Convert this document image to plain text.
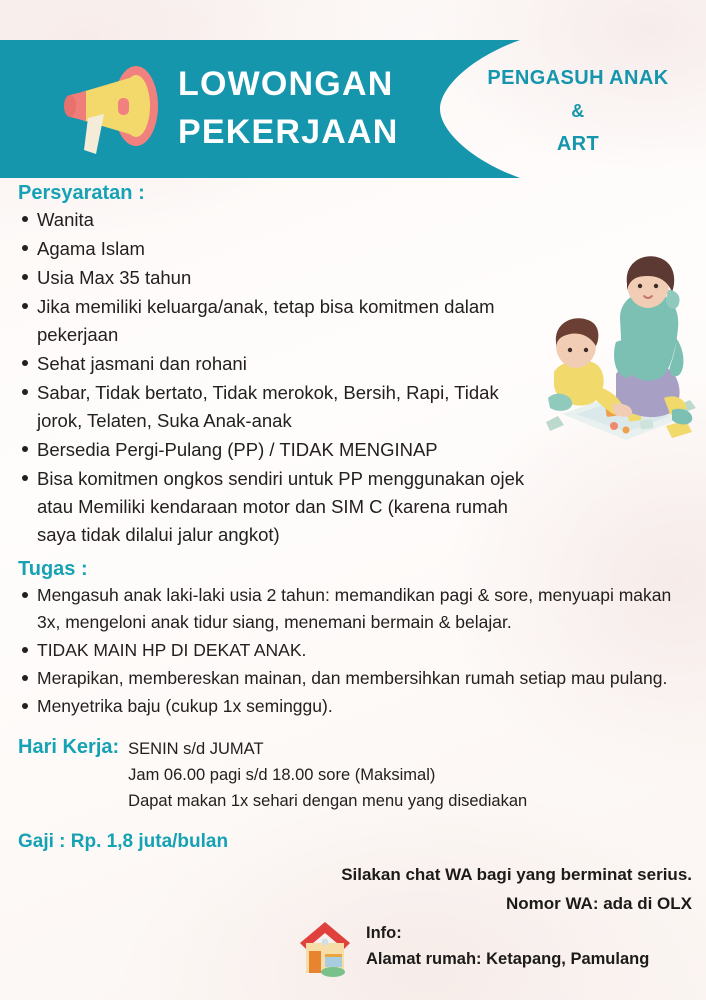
LOWONGAN
PEKERJAAN
PENGASUH ANAK
&
ART
Persyaratan :
Wanita
Agama Islam
Usia Max 35 tahun
Jika memiliki keluarga/anak, tetap bisa komitmen dalam pekerjaan
Sehat jasmani dan rohani
Sabar, Tidak bertato, Tidak merokok, Bersih, Rapi, Tidak jorok, Telaten, Suka Anak-anak
Bersedia Pergi-Pulang (PP) / TIDAK MENGINAP
Bisa komitmen ongkos sendiri untuk PP menggunakan ojek atau Memiliki kendaraan motor dan SIM C (karena rumah saya tidak dilalui jalur angkot)
Tugas :
Mengasuh anak laki-laki usia 2 tahun: memandikan pagi & sore, menyuapi makan 3x, mengeloni anak tidur siang, menemani bermain & belajar.
TIDAK MAIN HP DI DEKAT ANAK.
Merapikan, membereskan mainan, dan membersihkan rumah setiap mau pulang.
Menyetrika baju (cukup 1x seminggu).
Hari Kerja: SENIN s/d JUMAT
Jam 06.00 pagi s/d 18.00 sore (Maksimal)
Dapat makan 1x sehari dengan menu yang disediakan
Gaji : Rp. 1,8 juta/bulan
Silakan chat WA bagi yang berminat serius.
Nomor WA: ada di OLX
Info:
Alamat rumah: Ketapang, Pamulang
